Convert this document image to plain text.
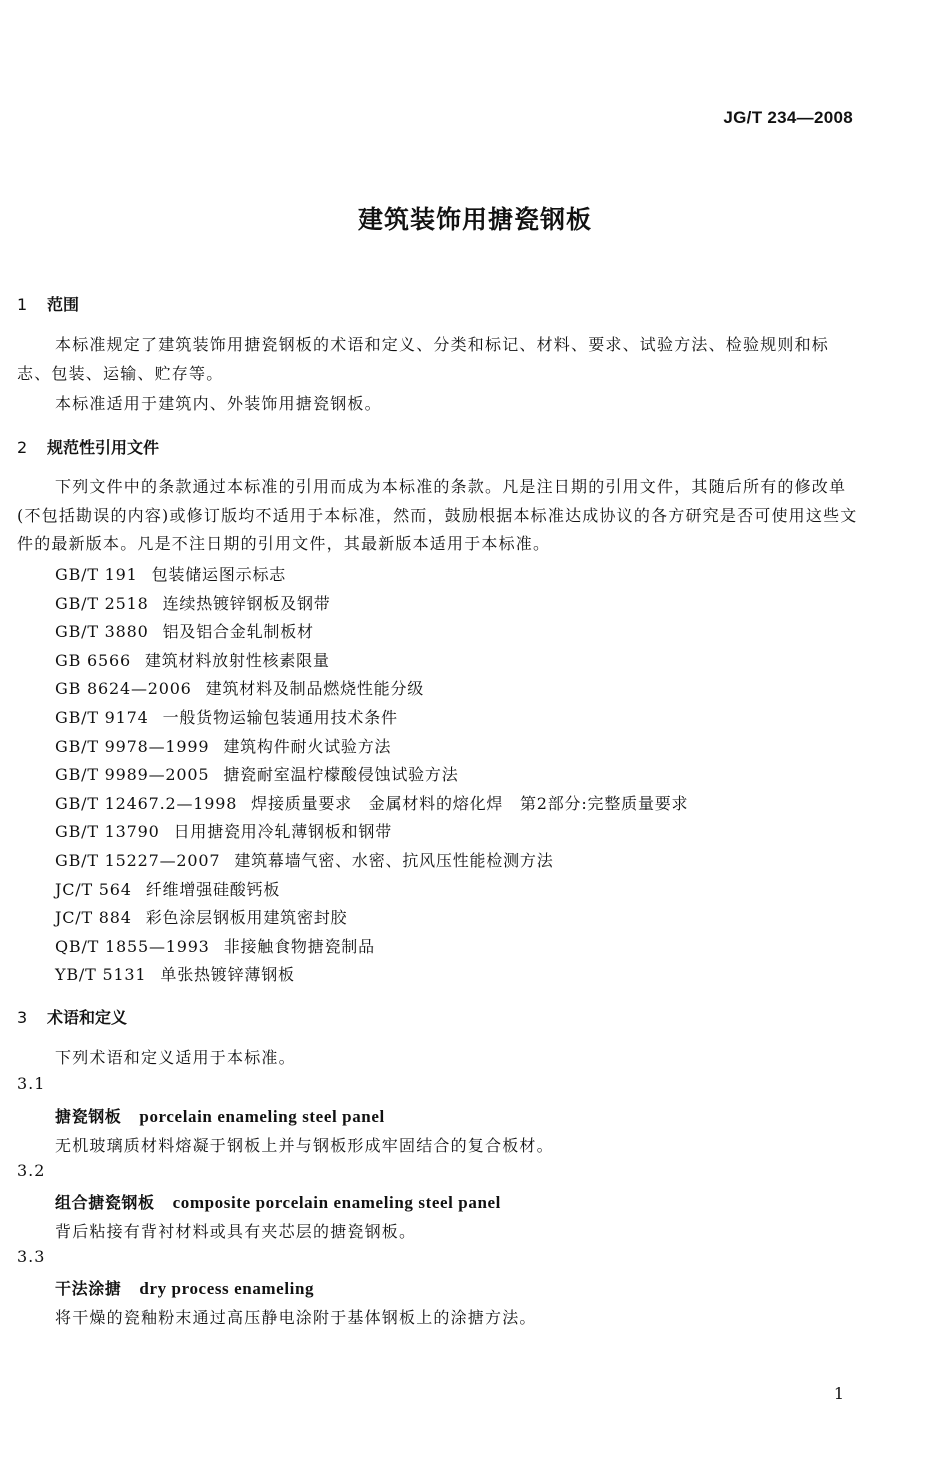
JG/T 234—2008
建筑装饰用搪瓷钢板
1 范围
本标准规定了建筑装饰用搪瓷钢板的术语和定义、分类和标记、材料、要求、试验方法、检验规则和标志、包装、运输、贮存等。
本标准适用于建筑内、外装饰用搪瓷钢板。
2 规范性引用文件
下列文件中的条款通过本标准的引用而成为本标准的条款。凡是注日期的引用文件，其随后所有的修改单(不包括勘误的内容)或修订版均不适用于本标准，然而，鼓励根据本标准达成协议的各方研究是否可使用这些文件的最新版本。凡是不注日期的引用文件，其最新版本适用于本标准。
GB/T 191 包装储运图示标志
GB/T 2518 连续热镀锌钢板及钢带
GB/T 3880 铝及铝合金轧制板材
GB 6566 建筑材料放射性核素限量
GB 8624—2006 建筑材料及制品燃烧性能分级
GB/T 9174 一般货物运输包装通用技术条件
GB/T 9978—1999 建筑构件耐火试验方法
GB/T 9989—2005 搪瓷耐室温柠檬酸侵蚀试验方法
GB/T 12467.2—1998 焊接质量要求　金属材料的熔化焊　第2部分:完整质量要求
GB/T 13790 日用搪瓷用冷轧薄钢板和钢带
GB/T 15227—2007 建筑幕墙气密、水密、抗风压性能检测方法
JC/T 564 纤维增强硅酸钙板
JC/T 884 彩色涂层钢板用建筑密封胶
QB/T 1855—1993 非接触食物搪瓷制品
YB/T 5131 单张热镀锌薄钢板
3 术语和定义
下列术语和定义适用于本标准。
3.1
搪瓷钢板 porcelain enameling steel panel
无机玻璃质材料熔凝于钢板上并与钢板形成牢固结合的复合板材。
3.2
组合搪瓷钢板 composite porcelain enameling steel panel
背后粘接有背衬材料或具有夹芯层的搪瓷钢板。
3.3
干法涂搪 dry process enameling
将干燥的瓷釉粉末通过高压静电涂附于基体钢板上的涂搪方法。
1
